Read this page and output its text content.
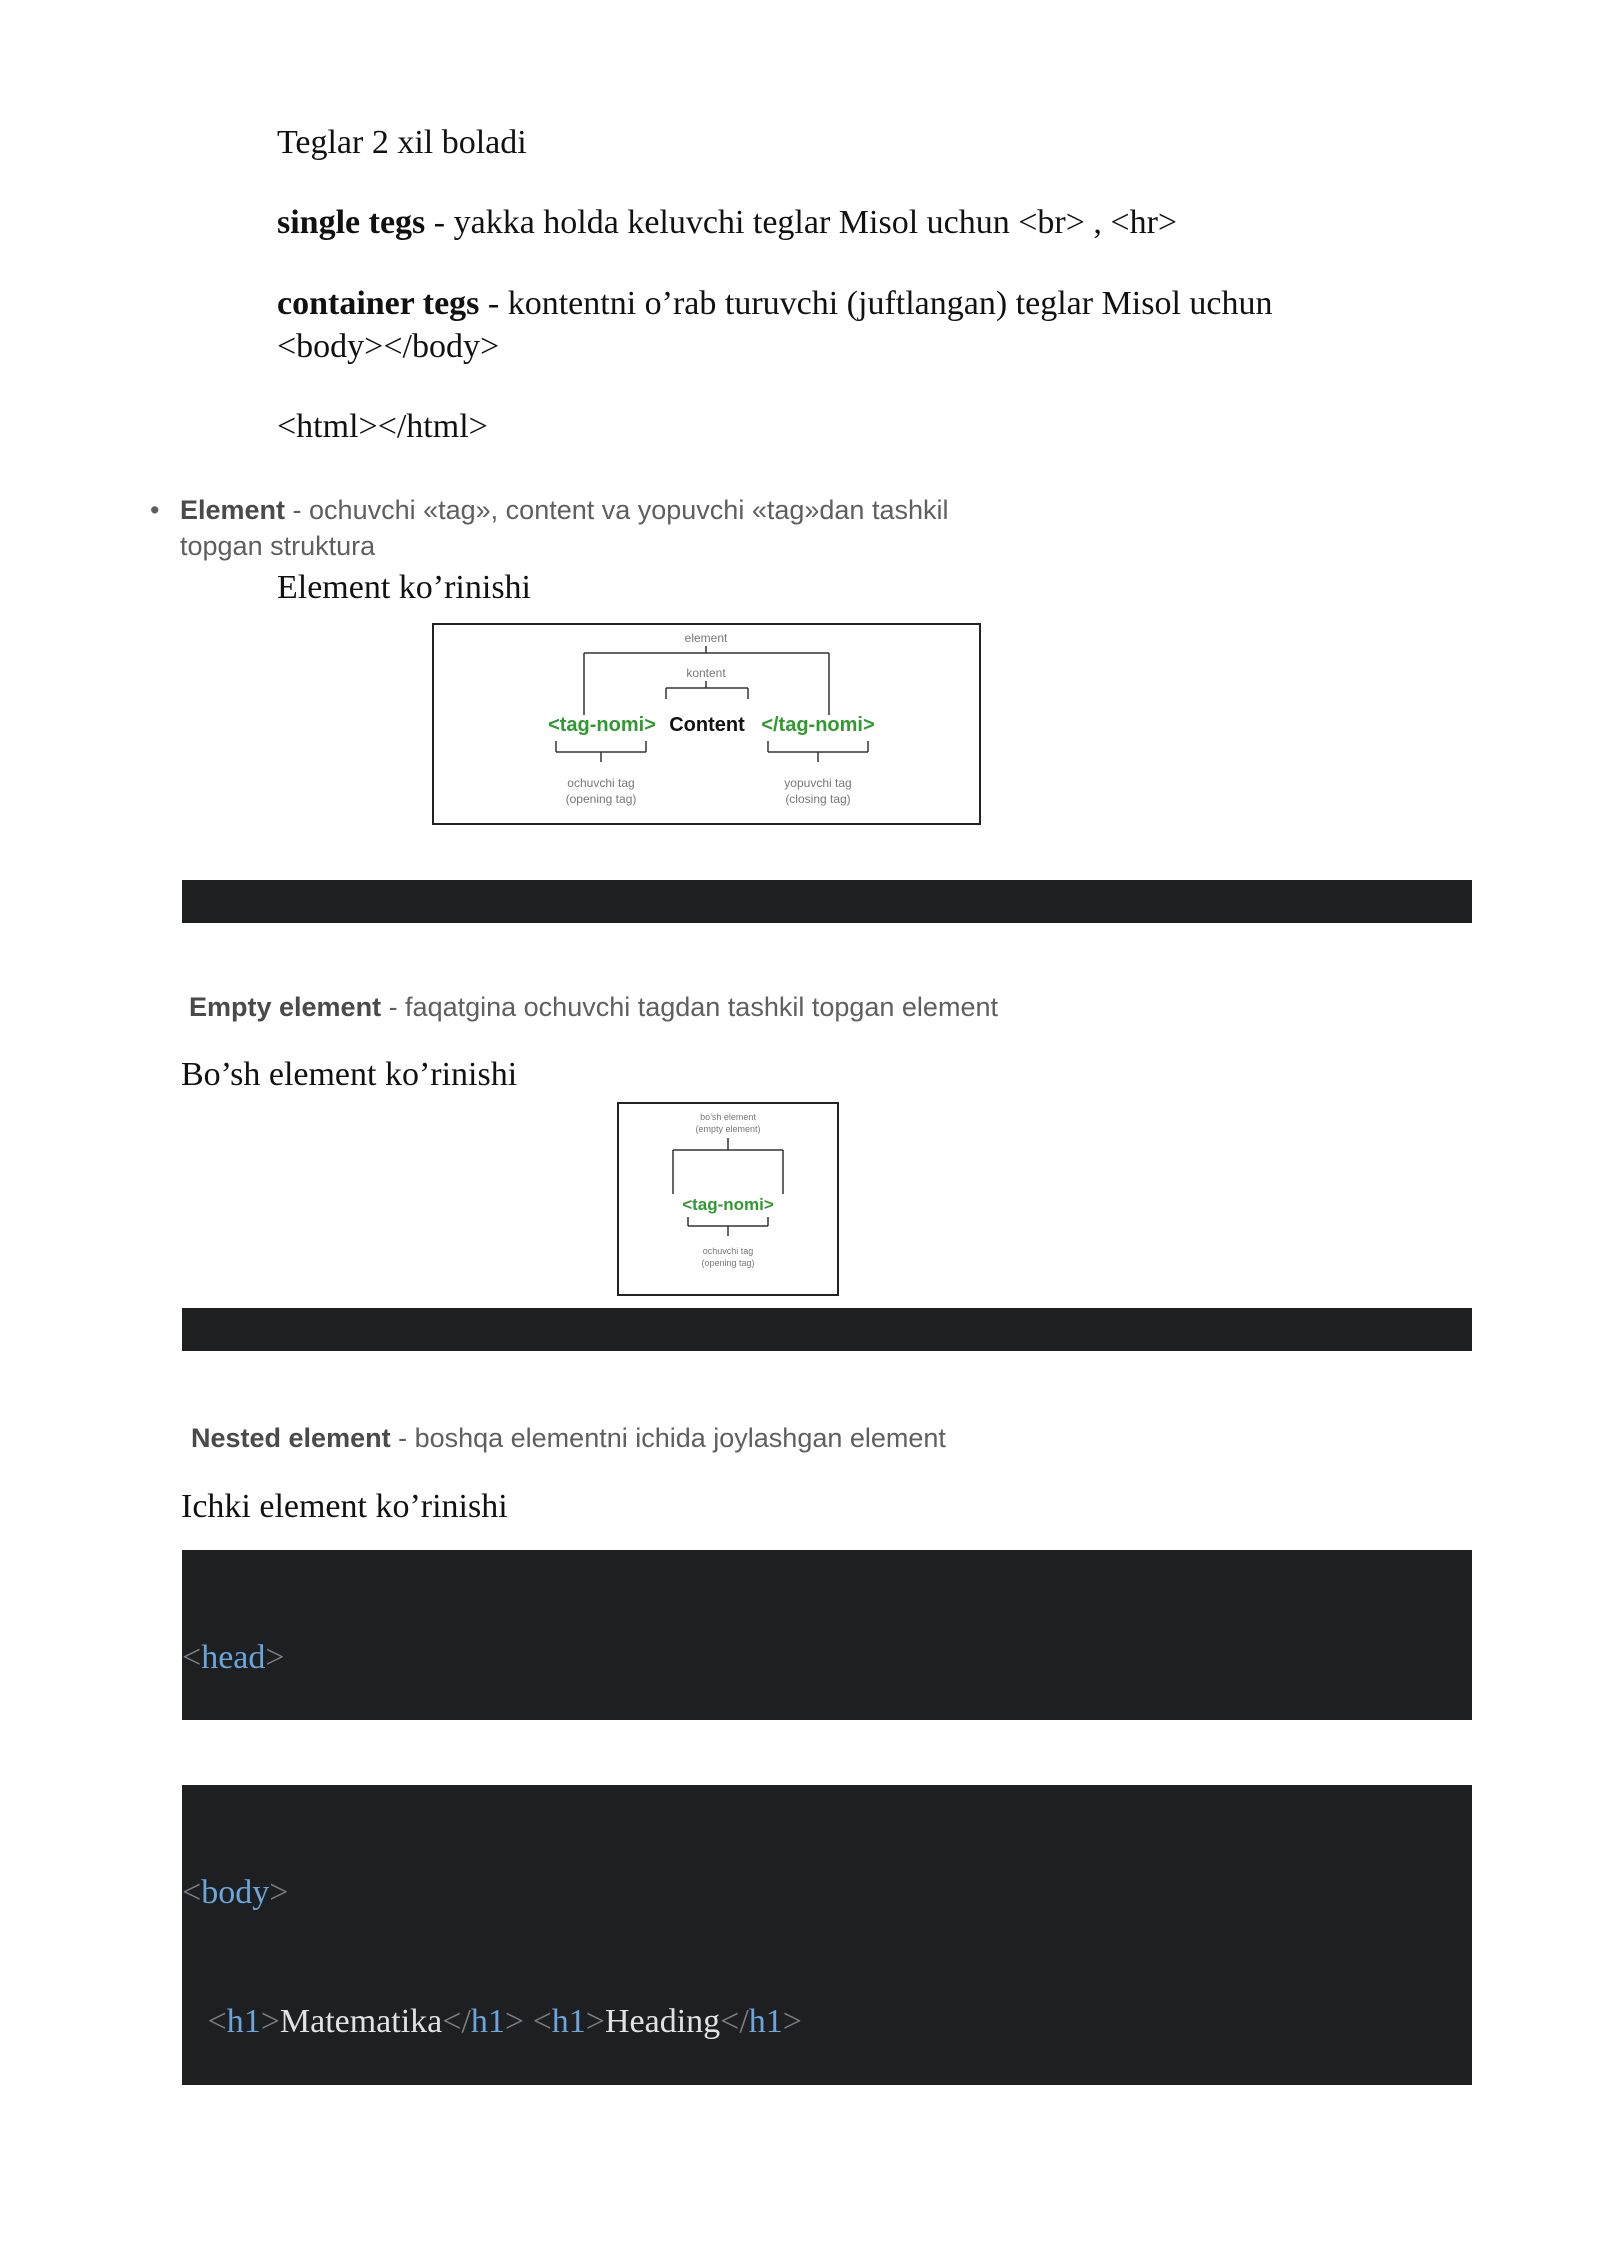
Teglar 2 xil boladi
single tegs - yakka holda keluvchi teglar Misol uchun <br> , <hr>
container tegs - kontentni o’rab turuvchi (juftlangan) teglar Misol uchun
<body></body>
<html></html>
• Element - ochuvchi «tag», content va yopuvchi «tag»dan tashkil
topgan struktura
Element ko’rinishi
element
kontent
<tag-nomi> Content </tag-nomi>
ochuvchi tag
(opening tag)
yopuvchi tag
(closing tag)

Empty element - faqatgina ochuvchi tagdan tashkil topgan element
Bo’sh element ko’rinishi
bo’sh element
(empty element)
<tag-nomi>
ochuvchi tag
(opening tag)

Nested element - boshqa elementni ichida joylashgan element
Ichki element ko’rinishi

<head>

<body>

<h1>Matematika</h1> <h1>Heading</h1>
